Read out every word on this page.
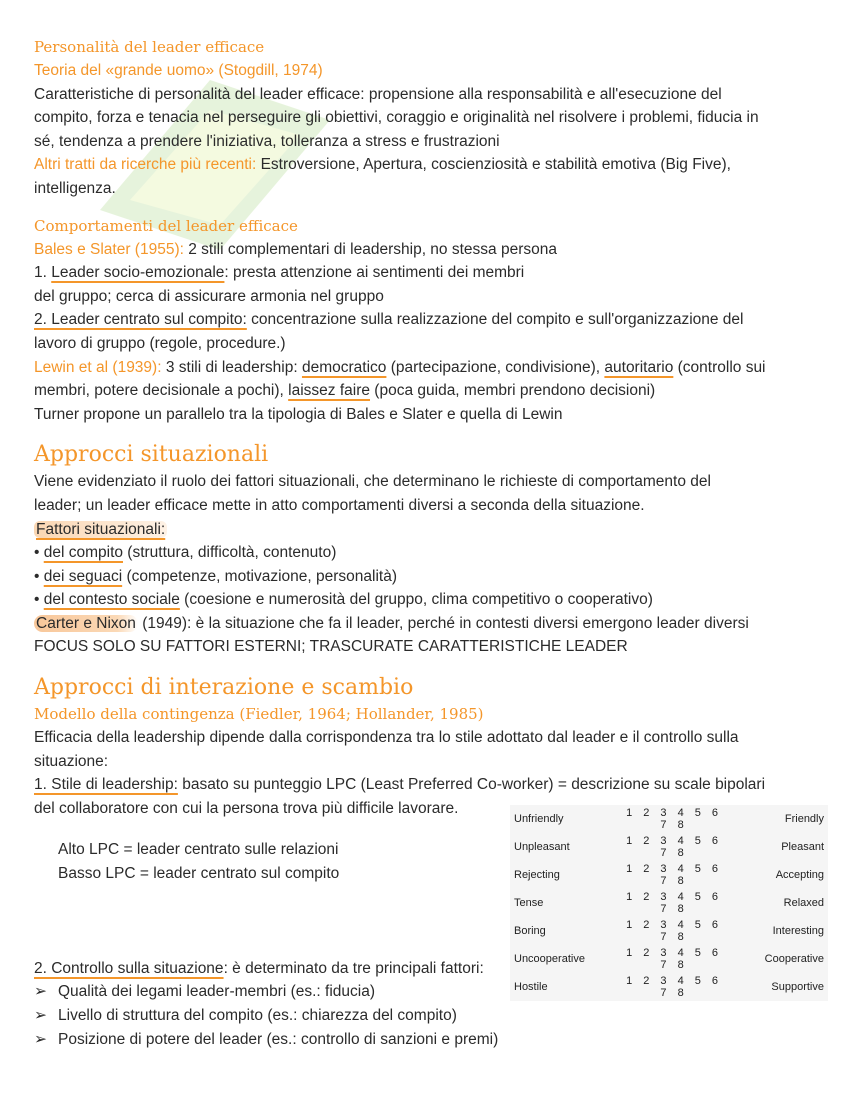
Personalità del leader efficace
Teoria del «grande uomo» (Stogdill, 1974)
Caratteristiche di personalità del leader efficace: propensione alla responsabilità e all'esecuzione del
compito, forza e tenacia nel perseguire gli obiettivi, coraggio e originalità nel risolvere i problemi, fiducia in
sé, tendenza a prendere l'iniziativa, tolleranza a stress e frustrazioni
Altri tratti da ricerche più recenti: Estroversione, Apertura, coscienziosità e stabilità emotiva (Big Five),
intelligenza.
Comportamenti del leader efficace
Bales e Slater (1955): 2 stili complementari di leadership, no stessa persona
1. Leader socio-emozionale: presta attenzione ai sentimenti dei membri
del gruppo; cerca di assicurare armonia nel gruppo
2. Leader centrato sul compito: concentrazione sulla realizzazione del compito e sull'organizzazione del
lavoro di gruppo (regole, procedure.)
Lewin et al (1939): 3 stili di leadership: democratico (partecipazione, condivisione), autoritario (controllo sui
membri, potere decisionale a pochi), laissez faire (poca guida, membri prendono decisioni)
Turner propone un parallelo tra la tipologia di Bales e Slater e quella di Lewin
Approcci situazionali
Viene evidenziato il ruolo dei fattori situazionali, che determinano le richieste di comportamento del
leader; un leader efficace mette in atto comportamenti diversi a seconda della situazione.
Fattori situazionali:
• del compito (struttura, difficoltà, contenuto)
• dei seguaci (competenze, motivazione, personalità)
• del contesto sociale (coesione e numerosità del gruppo, clima competitivo o cooperativo)
Carter e Nixon (1949): è la situazione che fa il leader, perché in contesti diversi emergono leader diversi
FOCUS SOLO SU FATTORI ESTERNI; TRASCURATE CARATTERISTICHE LEADER
Approcci di interazione e scambio
Modello della contingenza (Fiedler, 1964; Hollander, 1985)
Efficacia della leadership dipende dalla corrispondenza tra lo stile adottato dal leader e il controllo sulla
situazione:
1. Stile di leadership: basato su punteggio LPC (Least Preferred Co-worker) = descrizione su scale bipolari
del collaboratore con cui la persona trova più difficile lavorare.
Alto LPC = leader centrato sulle relazioni
Basso LPC = leader centrato sul compito
Unfriendly	1 2 3 4 5 6 7 8	Friendly
Unpleasant	1 2 3 4 5 6 7 8	Pleasant
Rejecting	1 2 3 4 5 6 7 8	Accepting
Tense	1 2 3 4 5 6 7 8	Relaxed
Boring	1 2 3 4 5 6 7 8	Interesting
Uncooperative	1 2 3 4 5 6 7 8	Cooperative
Hostile	1 2 3 4 5 6 7 8	Supportive
2. Controllo sulla situazione: è determinato da tre principali fattori:
➢ Qualità dei legami leader-membri (es.: fiducia)
➢ Livello di struttura del compito (es.: chiarezza del compito)
➢ Posizione di potere del leader (es.: controllo di sanzioni e premi)
